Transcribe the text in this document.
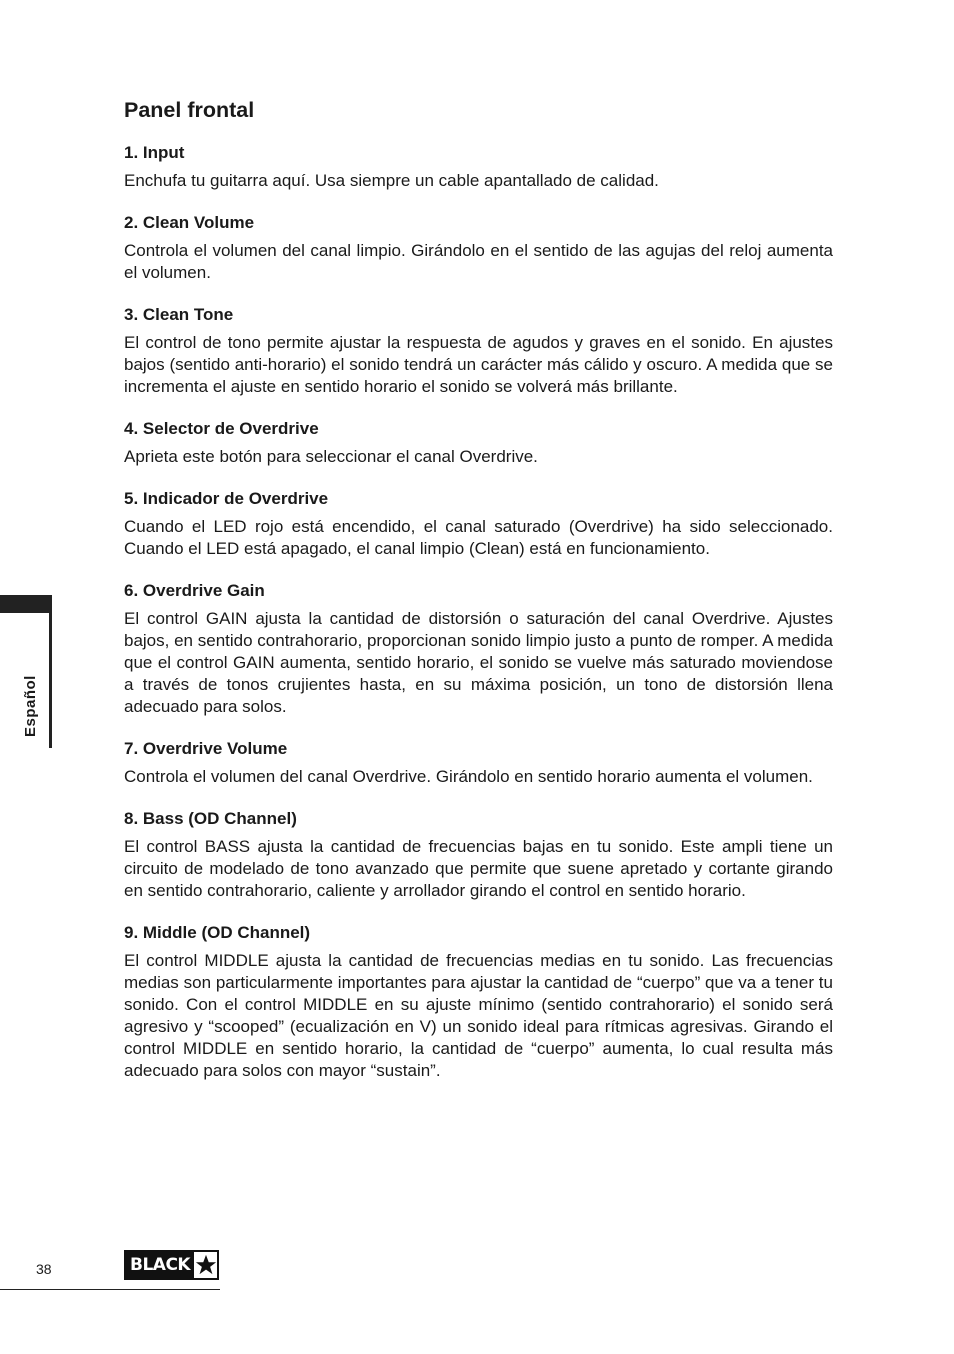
Panel frontal
1. Input

Enchufa tu guitarra aquí. Usa siempre un cable apantallado de calidad.

2. Clean Volume

Controla el volumen del canal limpio. Girándolo en el sentido de las agujas del reloj aumenta el volumen.

3. Clean Tone

El control de tono permite ajustar la respuesta de agudos y graves en el sonido. En ajustes bajos (sentido anti-horario) el sonido tendrá un carácter más cálido y oscuro. A medida que se incrementa el ajuste en sentido horario el sonido se volverá más brillante.

4. Selector de Overdrive

Aprieta este botón para seleccionar el canal Overdrive.

5. Indicador de Overdrive

Cuando el LED rojo está encendido, el canal saturado (Overdrive) ha sido seleccionado. Cuando el LED está apagado, el canal limpio (Clean) está en funcionamiento.

6. Overdrive Gain

El control GAIN ajusta la cantidad de distorsión o saturación del canal Overdrive. Ajustes bajos, en sentido contrahorario, proporcionan sonido limpio justo a punto de romper. A medida que el control GAIN aumenta, sentido horario, el sonido se vuelve más saturado moviendose a través de tonos crujientes hasta, en su máxima posición, un tono de distorsión llena adecuado para solos.

7. Overdrive Volume

Controla el volumen del canal Overdrive. Girándolo en sentido horario aumenta el volumen.

8. Bass (OD Channel)

El control BASS ajusta la cantidad de frecuencias bajas en tu sonido. Este ampli tiene un circuito de modelado de tono avanzado que permite que suene apretado y cortante girando en sentido contrahorario, caliente y arrollador girando el control en sentido horario.

9. Middle (OD Channel)

El control MIDDLE ajusta la cantidad de frecuencias medias en tu sonido. Las frecuencias medias son particularmente importantes para ajustar la cantidad de “cuerpo” que va a tener tu sonido. Con el control MIDDLE en su ajuste mínimo (sentido contrahorario) el sonido será agresivo y “scooped” (ecualización en V) un sonido ideal para rítmicas agresivas. Girando el control MIDDLE en sentido horario, la cantidad de “cuerpo” aumenta, lo cual resulta más adecuado para solos con mayor “sustain”.

Español
38	BLACK
